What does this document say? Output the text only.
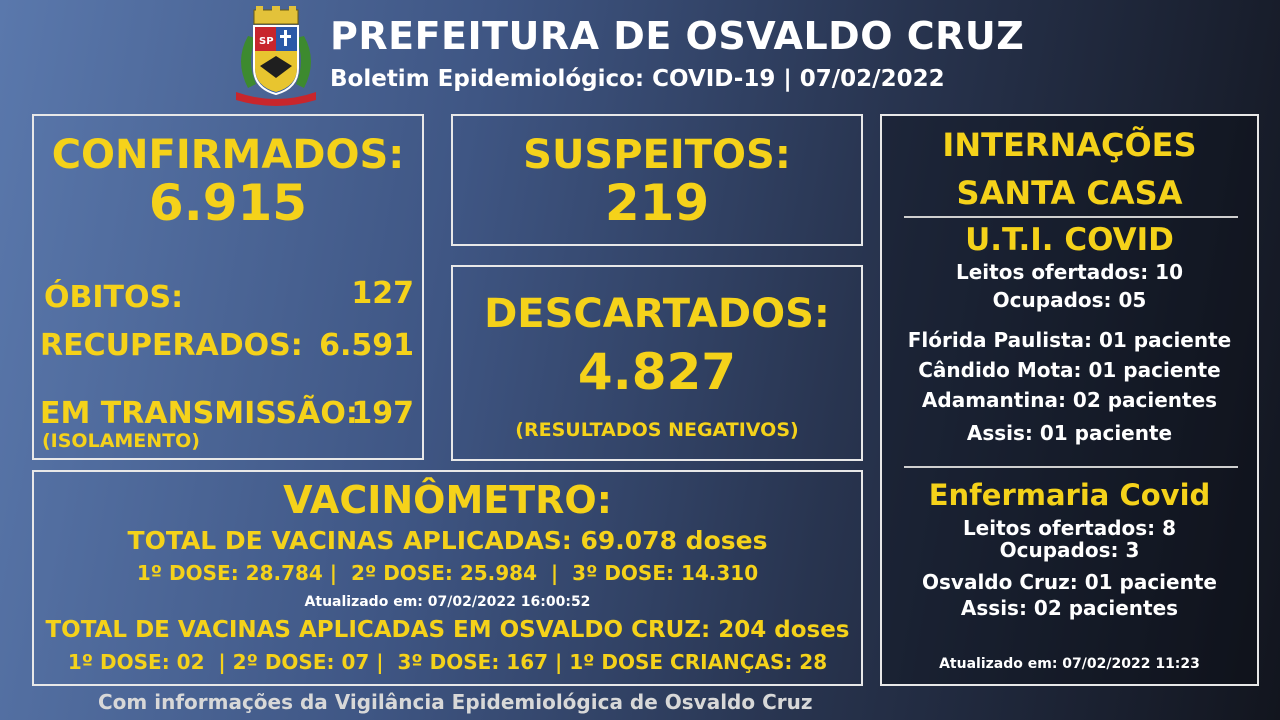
SP PREFEITURA DE OSVALDO CRUZ
Boletim Epidemiológico: COVID-19 | 07/02/2022
CONFIRMADOS:
6.915
ÓBITOS:	127
RECUPERADOS: 6.591
EM TRANSMISSÃO:
197
(ISOLAMENTO)
SUSPEITOS:
219
DESCARTADOS:
4.827
(RESULTADOS NEGATIVOS)
VACINÔMETRO:
TOTAL DE VACINAS APLICADAS: 69.078 doses
1º DOSE: 28.784 |  2º DOSE: 25.984  |  3º DOSE: 14.310
Atualizado em: 07/02/2022 16:00:52
TOTAL DE VACINAS APLICADAS EM OSVALDO CRUZ: 204 doses
1º DOSE: 02  | 2º DOSE: 07 |  3º DOSE: 167 | 1º DOSE CRIANÇAS: 28
INTERNAÇÕES
SANTA CASA
U.T.I. COVID
Leitos ofertados: 10
Ocupados: 05
Flórida Paulista: 01 paciente
Cândido Mota: 01 paciente
Adamantina: 02 pacientes
Assis: 01 paciente
Enfermaria Covid
Leitos ofertados: 8
Ocupados: 3
Osvaldo Cruz: 01 paciente
Assis: 02 pacientes
Atualizado em: 07/02/2022 11:23
Com informações da Vigilância Epidemiológica de Osvaldo Cruz
